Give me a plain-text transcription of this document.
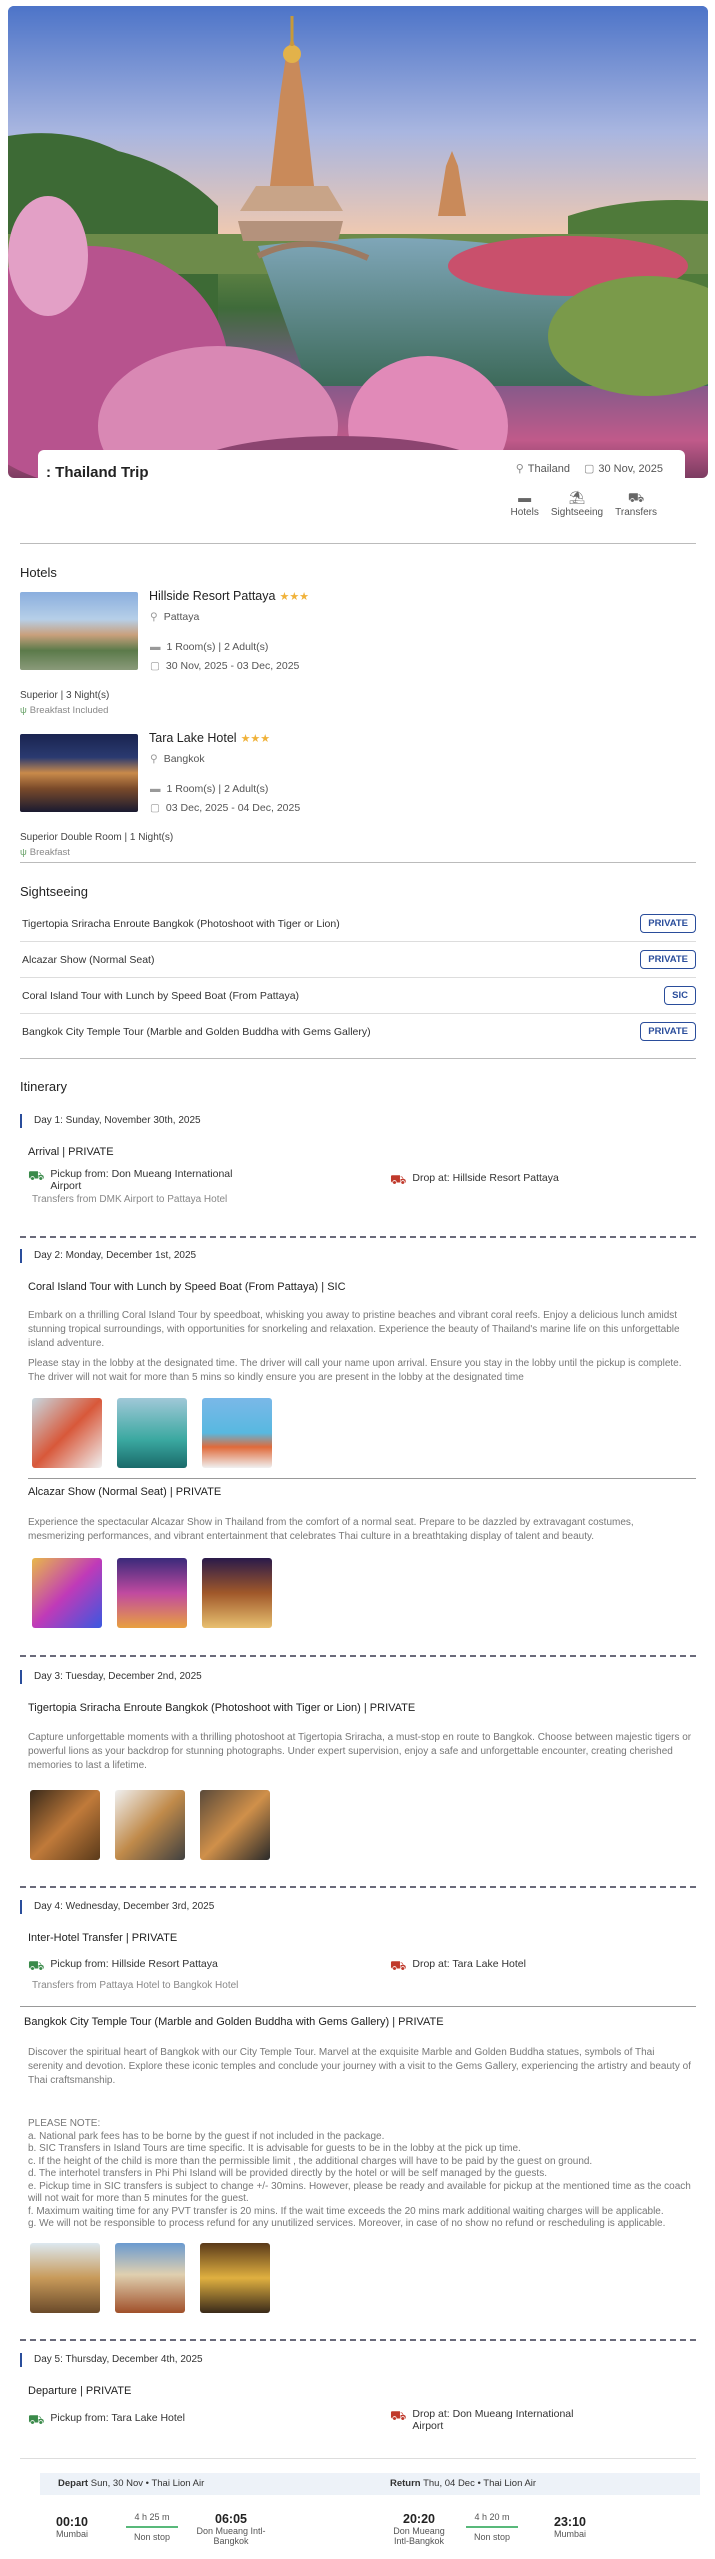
: Thailand Trip	⚲ Thailand ▢ 30 Nov, 2025
▬
Hotels
⛱
Sightseeing
⛟
Transfers
Hotels
Hillside Resort Pattaya ★★★
⚲ Pattaya
▬ 1 Room(s) | 2 Adult(s)
▢ 30 Nov, 2025 - 03 Dec, 2025
Superior | 3 Night(s)
ψ Breakfast Included
Tara Lake Hotel ★★★
⚲ Bangkok
▬ 1 Room(s) | 2 Adult(s)
▢ 03 Dec, 2025 - 04 Dec, 2025
Superior Double Room | 1 Night(s)
ψ Breakfast
Sightseeing
Tigertopia Sriracha Enroute Bangkok (Photoshoot with Tiger or Lion)	PRIVATE
Alcazar Show (Normal Seat)	PRIVATE
Coral Island Tour with Lunch by Speed Boat (From Pattaya)	SIC
Bangkok City Temple Tour (Marble and Golden Buddha with Gems Gallery)	PRIVATE
Itinerary
Day 1: Sunday, November 30th, 2025
Arrival | PRIVATE
⛟ Pickup from: Don Mueang International Airport	⛟ Drop at: Hillside Resort Pattaya
Transfers from DMK Airport to Pattaya Hotel
Day 2: Monday, December 1st, 2025
Coral Island Tour with Lunch by Speed Boat (From Pattaya) | SIC
Embark on a thrilling Coral Island Tour by speedboat, whisking you away to pristine beaches and vibrant coral reefs. Enjoy a delicious lunch amidst stunning tropical surroundings, with opportunities for snorkeling and relaxation. Experience the beauty of Thailand's marine life on this unforgettable island adventure.
Please stay in the lobby at the designated time. The driver will call your name upon arrival. Ensure you stay in the lobby until the pickup is complete. The driver will not wait for more than 5 mins so kindly ensure you are present in the lobby at the designated time
Alcazar Show (Normal Seat) | PRIVATE
Experience the spectacular Alcazar Show in Thailand from the comfort of a normal seat. Prepare to be dazzled by extravagant costumes, mesmerizing performances, and vibrant entertainment that celebrates Thai culture in a breathtaking display of talent and beauty.
Day 3: Tuesday, December 2nd, 2025
Tigertopia Sriracha Enroute Bangkok (Photoshoot with Tiger or Lion) | PRIVATE
Capture unforgettable moments with a thrilling photoshoot at Tigertopia Sriracha, a must-stop en route to Bangkok. Choose between majestic tigers or powerful lions as your backdrop for stunning photographs. Under expert supervision, enjoy a safe and unforgettable encounter, creating cherished memories to last a lifetime.
Day 4: Wednesday, December 3rd, 2025
Inter-Hotel Transfer | PRIVATE
⛟ Pickup from: Hillside Resort Pattaya	⛟ Drop at: Tara Lake Hotel
Transfers from Pattaya Hotel to Bangkok Hotel
Bangkok City Temple Tour (Marble and Golden Buddha with Gems Gallery) | PRIVATE
Discover the spiritual heart of Bangkok with our City Temple Tour. Marvel at the exquisite Marble and Golden Buddha statues, symbols of Thai serenity and devotion. Explore these iconic temples and conclude your journey with a visit to the Gems Gallery, experiencing the artistry and beauty of Thai craftsmanship.
PLEASE NOTE:
a. National park fees has to be borne by the guest if not included in the package.
b. SIC Transfers in Island Tours are time specific. It is advisable for guests to be in the lobby at the pick up time.
c. If the height of the child is more than the permissible limit , the additional charges will have to be paid by the guest on ground.
d. The interhotel transfers in Phi Phi Island will be provided directly by the hotel or will be self managed by the guests.
e. Pickup time in SIC transfers is subject to change +/- 30mins. However, please be ready and available for pickup at the mentioned time as the coach will not wait for more than 5 minutes for the guest.
f. Maximum waiting time for any PVT transfer is 20 mins. If the wait time exceeds the 20 mins mark additional waiting charges will be applicable.
g. We will not be responsible to process refund for any unutilized services. Moreover, in case of no show no refund or rescheduling is applicable.
Day 5: Thursday, December 4th, 2025
Departure | PRIVATE
⛟ Pickup from: Tara Lake Hotel	⛟ Drop at: Don Mueang International Airport
Depart Sun, 30 Nov • Thai Lion Air	Return Thu, 04 Dec • Thai Lion Air
00:10
Mumbai
4 h 25 m
Non stop
06:05
Don Mueang Intl-Bangkok
20:20
Don Mueang Intl-Bangkok
4 h 20 m
Non stop
23:10
Mumbai
